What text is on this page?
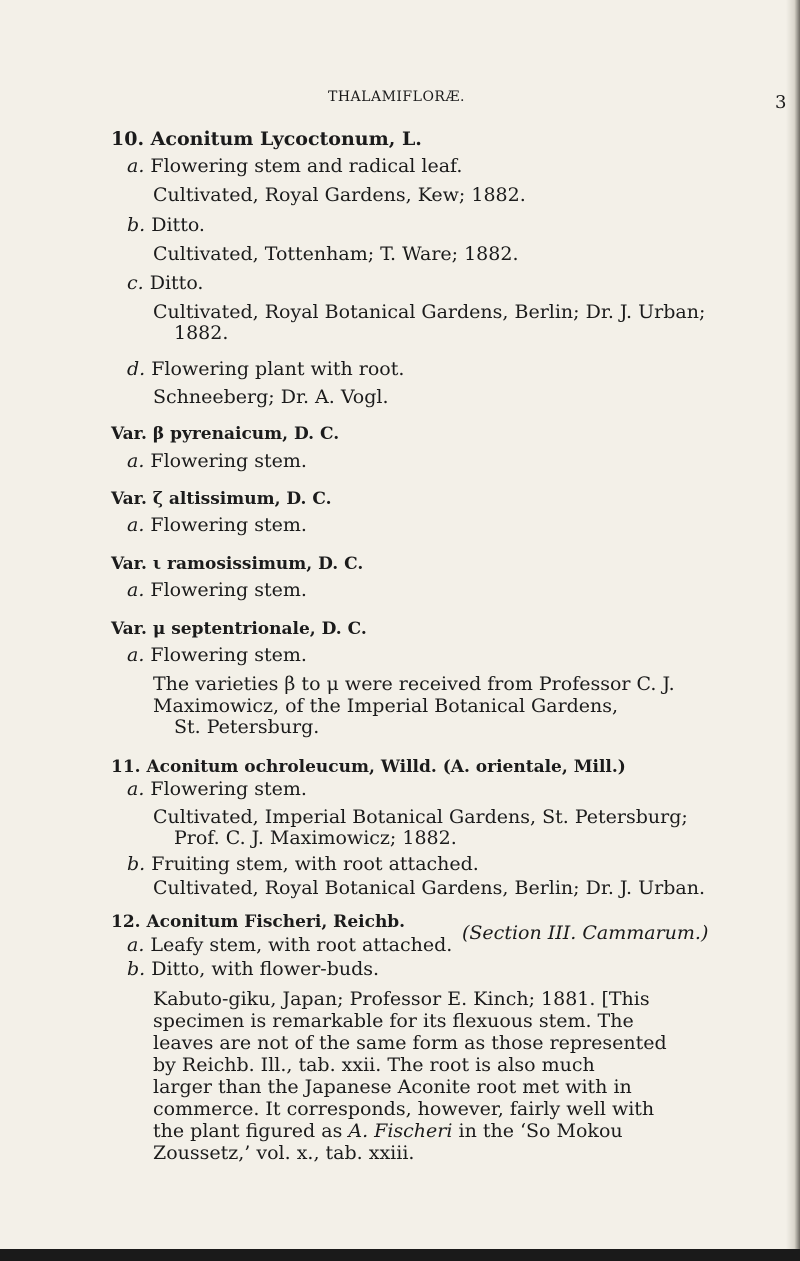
THALAMIFLORÆ.	3
10. Aconitum Lycoctonum, L.
a. Flowering stem and radical leaf.
Cultivated, Royal Gardens, Kew; 1882.
b. Ditto.
Cultivated, Tottenham; T. Ware; 1882.
c. Ditto.
Cultivated, Royal Botanical Gardens, Berlin; Dr. J. Urban;
1882.
d. Flowering plant with root.
Schneeberg; Dr. A. Vogl.
Var. β pyrenaicum, D. C.
a. Flowering stem.
Var. ζ altissimum, D. C.
a. Flowering stem.
Var. ι ramosissimum, D. C.
a. Flowering stem.
Var. μ septentrionale, D. C.
a. Flowering stem.
The varieties β to μ were received from Professor C. J.
Maximowicz, of the Imperial Botanical Gardens,
St. Petersburg.
11. Aconitum ochroleucum, Willd. (A. orientale, Mill.)
a. Flowering stem.
Cultivated, Imperial Botanical Gardens, St. Petersburg;
Prof. C. J. Maximowicz; 1882.
b. Fruiting stem, with root attached.
Cultivated, Royal Botanical Gardens, Berlin; Dr. J. Urban.
12. Aconitum Fischeri, Reichb.
a. Leafy stem, with root attached.
(Section III. Cammarum.)
b. Ditto, with flower-buds.
Kabuto-giku, Japan; Professor E. Kinch; 1881. [This
specimen is remarkable for its flexuous stem. The
leaves are not of the same form as those represented
by Reichb. Ill., tab. xxii. The root is also much
larger than the Japanese Aconite root met with in
commerce. It corresponds, however, fairly well with
the plant figured as A. Fischeri in the ‘So Mokou
Zoussetz,’ vol. x., tab. xxiii.
